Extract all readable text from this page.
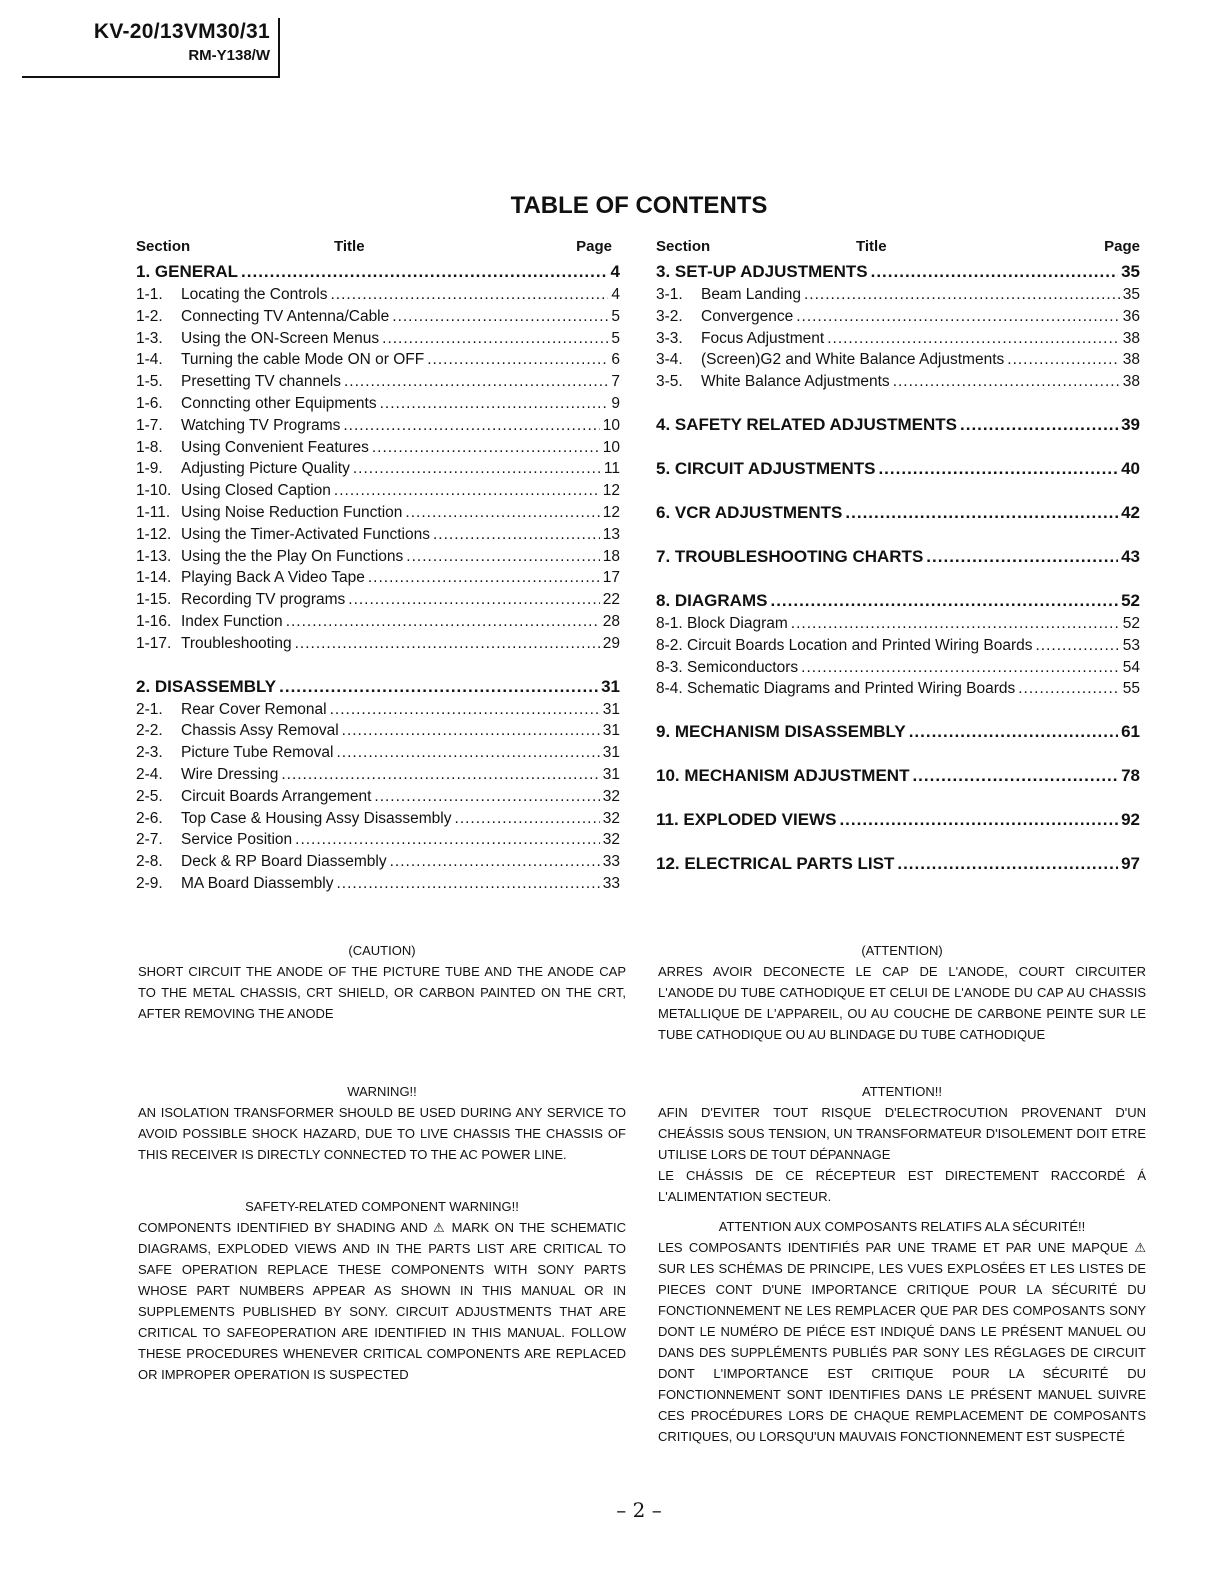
KV-20/13VM30/31
RM-Y138/W
TABLE OF CONTENTS
Section	Title	Page
1. GENERAL .....	4
1-1.	Locating the Controls .....	4
1-2.	Connecting TV Antenna/Cable .....	5
1-3.	Using the ON-Screen Menus .....	5
1-4.	Turning the cable Mode ON or OFF .....	6
1-5.	Presetting TV channels .....	7
1-6.	Conncting other Equipments .....	9
1-7.	Watching TV Programs .....	10
1-8.	Using Convenient Features .....	10
1-9.	Adjusting Picture Quality .....	11
1-10. Using Closed Caption .....	12
1-11. Using Noise Reduction Function .....	12
1-12. Using the Timer-Activated Functions .....	13
1-13. Using the the Play On Functions .....	18
1-14. Playing Back A Video Tape .....	17
1-15. Recording TV programs .....	22
1-16. Index Function .....	28
1-17. Troubleshooting .....	29
2. DISASSEMBLY .....	31
2-1.	Rear Cover Remonal .....	31
2-2.	Chassis Assy Removal .....	31
2-3.	Picture Tube Removal .....	31
2-4.	Wire Dressing .....	31
2-5.	Circuit Boards Arrangement .....	32
2-6.	Top Case & Housing Assy Disassembly .....	32
2-7.	Service Position .....	32
2-8.	Deck & RP Board Diassembly .....	33
2-9.	MA Board Diassembly .....	33
Section	Title	Page
3. SET-UP ADJUSTMENTS .....	35
3-1.	Beam Landing .....	35
3-2.	Convergence .....	36
3-3.	Focus Adjustment .....	38
3-4.	(Screen)G2 and White Balance Adjustments .....	38
3-5.	White Balance Adjustments .....	38
4. SAFETY RELATED ADJUSTMENTS .....	39
5. CIRCUIT ADJUSTMENTS .....	40
6. VCR ADJUSTMENTS .....	42
7. TROUBLESHOOTING CHARTS .....	43
8. DIAGRAMS .....	52
8-1. Block Diagram .....	52
8-2. Circuit Boards Location and Printed Wiring Boards .....	53
8-3. Semiconductors .....	54
8-4. Schematic Diagrams and Printed Wiring Boards .....	55
9. MECHANISM DISASSEMBLY .....	61
10. MECHANISM ADJUSTMENT .....	78
11. EXPLODED VIEWS .....	92
12. ELECTRICAL PARTS LIST .....	97
(CAUTION)
SHORT CIRCUIT THE ANODE OF THE PICTURE TUBE AND THE ANODE CAP TO THE METAL CHASSIS, CRT SHIELD, OR CARBON PAINTED ON THE CRT, AFTER REMOVING THE ANODE
WARNING!!
AN ISOLATION TRANSFORMER SHOULD BE USED DURING ANY SERVICE TO AVOID POSSIBLE SHOCK HAZARD, DUE TO LIVE CHASSIS THE CHASSIS OF THIS RECEIVER IS DIRECTLY CONNECTED TO THE AC POWER LINE.
SAFETY-RELATED COMPONENT WARNING!!
COMPONENTS IDENTIFIED BY SHADING AND ⚠ MARK ON THE SCHEMATIC DIAGRAMS, EXPLODED VIEWS AND IN THE PARTS LIST ARE CRITICAL TO SAFE OPERATION REPLACE THESE COMPONENTS WITH SONY PARTS WHOSE PART NUMBERS APPEAR AS SHOWN IN THIS MANUAL OR IN SUPPLEMENTS PUBLISHED BY SONY. CIRCUIT ADJUSTMENTS THAT ARE CRITICAL TO SAFEOPERATION ARE IDENTIFIED IN THIS MANUAL. FOLLOW THESE PROCEDURES WHENEVER CRITICAL COMPONENTS ARE REPLACED OR IMPROPER OPERATION IS SUSPECTED
(ATTENTION)
ARRES AVOIR DECONECTE LE CAP DE L'ANODE, COURT CIRCUITER L'ANODE DU TUBE CATHODIQUE ET CELUI DE L'ANODE DU CAP AU CHASSIS METALLIQUE DE L'APPAREIL, OU AU COUCHE DE CARBONE PEINTE SUR LE TUBE CATHODIQUE OU AU BLINDAGE DU TUBE CATHODIQUE
ATTENTION!!
AFIN D'EVITER TOUT RISQUE D'ELECTROCUTION PROVENANT D'UN CHEÁSSIS SOUS TENSION, UN TRANSFORMATEUR D'ISOLEMENT DOIT ETRE UTILISE LORS DE TOUT DÉPANNAGE
LE CHÁSSIS DE CE RÉCEPTEUR EST DIRECTEMENT RACCORDÉ Á L'ALIMENTATION SECTEUR.
ATTENTION AUX COMPOSANTS RELATIFS ALA SÉCURITÉ!!
LES COMPOSANTS IDENTIFIÉS PAR UNE TRAME ET PAR UNE MAPQUE ⚠ SUR LES SCHÉMAS DE PRINCIPE, LES VUES EXPLOSÉES ET LES LISTES DE PIECES CONT D'UNE IMPORTANCE CRITIQUE POUR LA SÉCURITÉ DU FONCTIONNEMENT NE LES REMPLACER QUE PAR DES COMPOSANTS SONY DONT LE NUMÉRO DE PIÉCE EST INDIQUÉ DANS LE PRÉSENT MANUEL OU DANS DES SUPPLÉMENTS PUBLIÉS PAR SONY LES RÉGLAGES DE CIRCUIT DONT L'IMPORTANCE EST CRITIQUE POUR LA SÉCURITÉ DU FONCTIONNEMENT SONT IDENTIFIES DANS LE PRÉSENT MANUEL SUIVRE CES PROCÉDURES LORS DE CHAQUE REMPLACEMENT DE COMPOSANTS CRITIQUES, OU LORSQU'UN MAUVAIS FONCTIONNEMENT EST SUSPECTÉ
– 2 –
